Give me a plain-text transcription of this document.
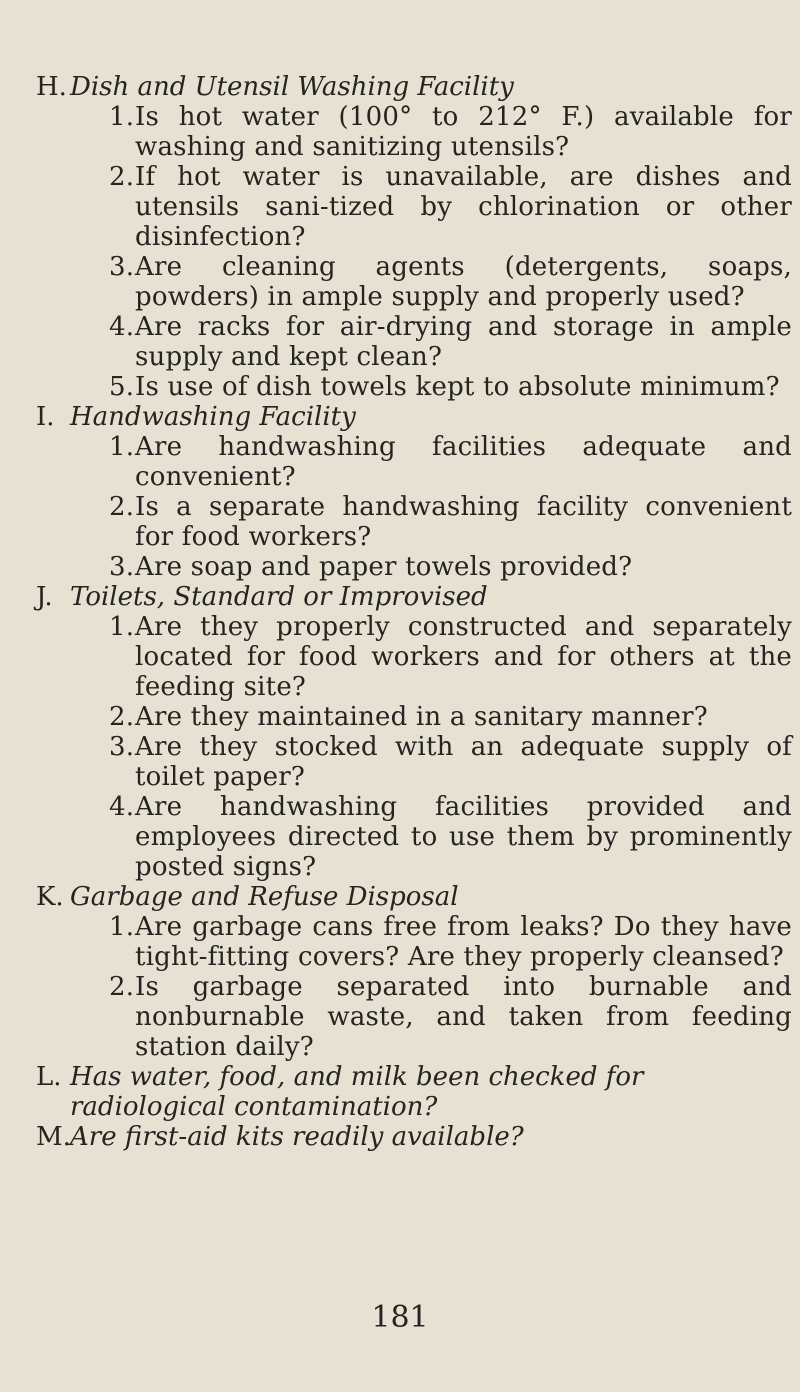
H. Dish and Utensil Washing Facility

1. Is hot water (100° to 212° F.) available for washing and sanitizing utensils?
2. If hot water is unavailable, are dishes and utensils sani-tized by chlorination or other disinfection?
3. Are cleaning agents (detergents, soaps, powders) in ample supply and properly used?
4. Are racks for air-drying and storage in ample supply and kept clean?
5. Is use of dish towels kept to absolute minimum?

I. Handwashing Facility

1. Are handwashing facilities adequate and convenient?
2. Is a separate handwashing facility convenient for food workers?
3. Are soap and paper towels provided?

J. Toilets, Standard or Improvised

1. Are they properly constructed and separately located for food workers and for others at the feeding site?
2. Are they maintained in a sanitary manner?
3. Are they stocked with an adequate supply of toilet paper?
4. Are handwashing facilities provided and employees directed to use them by prominently posted signs?

K. Garbage and Refuse Disposal

1. Are garbage cans free from leaks? Do they have tight-fitting covers? Are they properly cleansed?
2. Is garbage separated into burnable and nonburnable waste, and taken from feeding station daily?

L. Has water, food, and milk been checked for radiological contamination?

M. Are first-aid kits readily available?

181
